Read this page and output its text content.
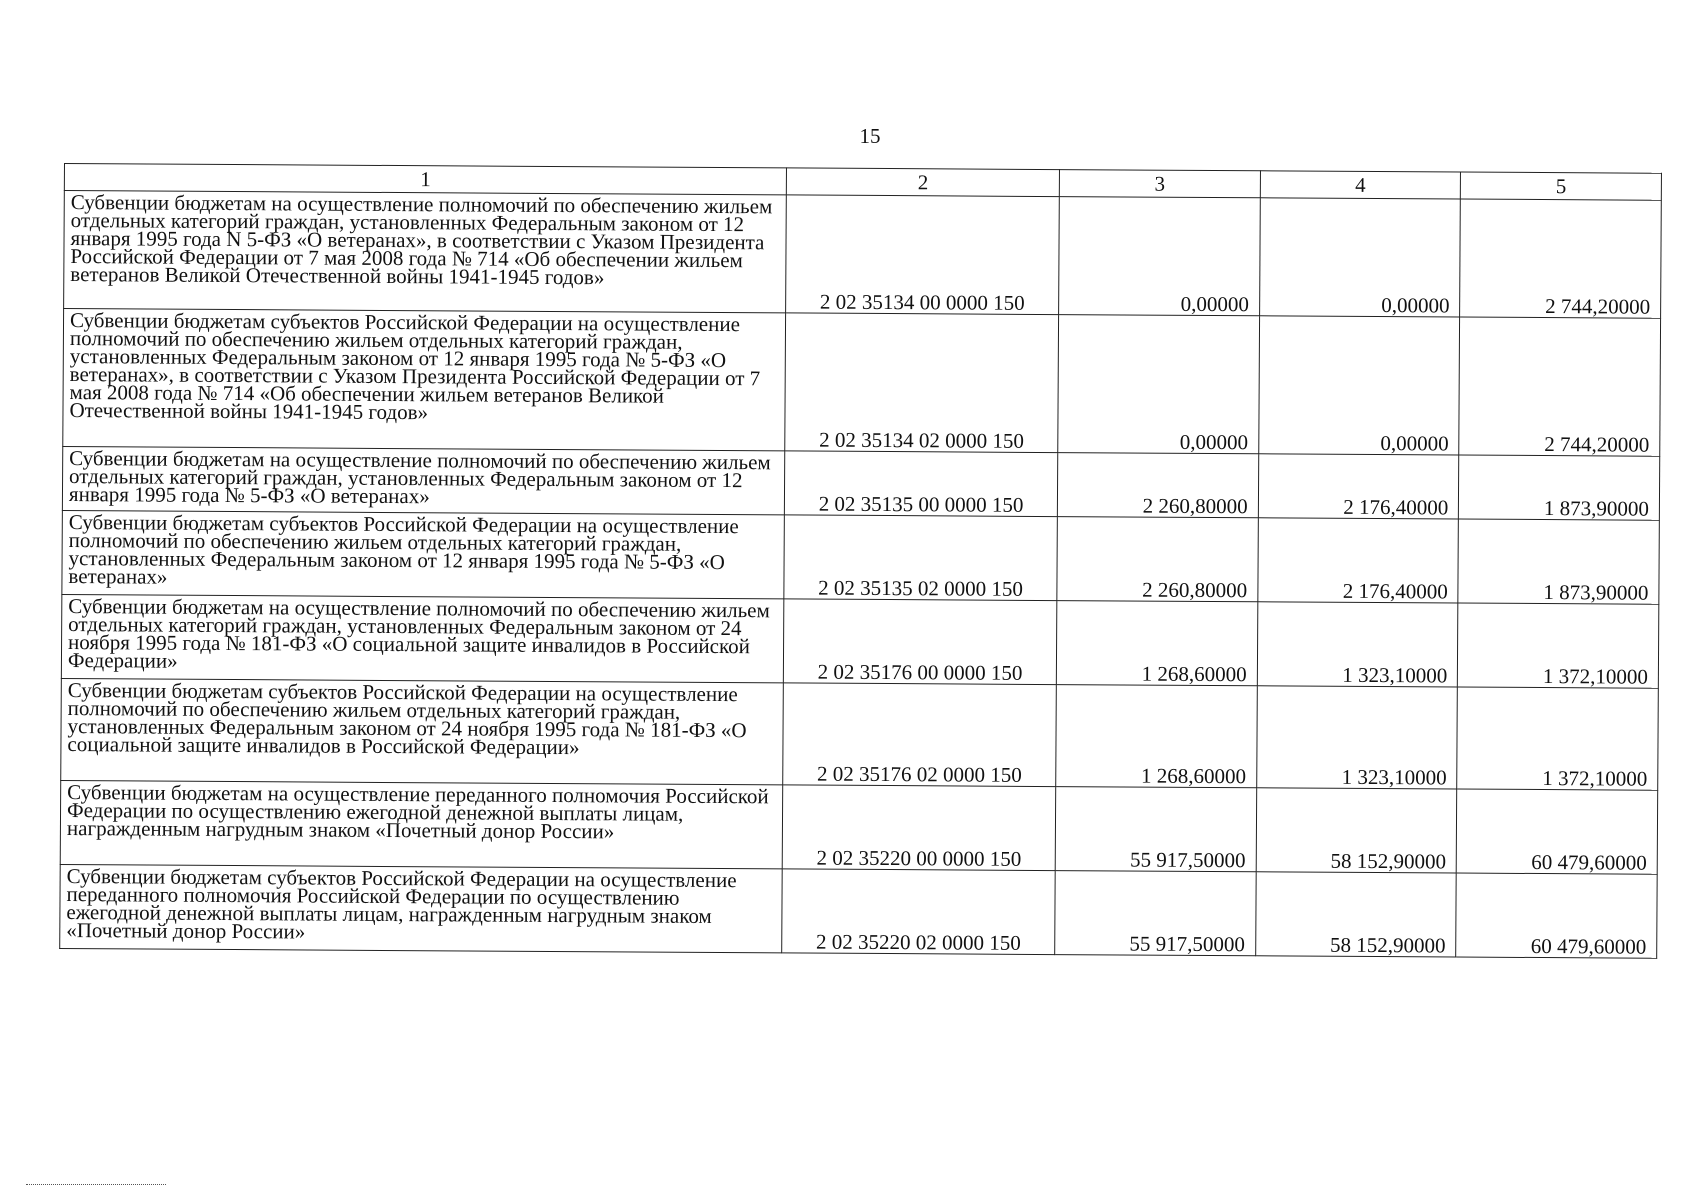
15
1	2	3	4	5
Субвенции бюджетам на осуществление полномочий по обеспечению жильем отдельных категорий граждан, установленных Федеральным законом от 12 января 1995 года N 5-ФЗ «О ветеранах», в соответствии с Указом Президента Российской Федерации от 7 мая 2008 года № 714 «Об обеспечении жильем ветеранов Великой Отечественной войны 1941-1945 годов»	2 02 35134 00 0000 150	0,00000	0,00000	2 744,20000
Субвенции бюджетам субъектов Российской Федерации на осуществление полномочий по обеспечению жильем отдельных категорий граждан, установленных Федеральным законом от 12 января 1995 года № 5-ФЗ «О ветеранах», в соответствии с Указом Президента Российской Федерации от 7 мая 2008 года № 714 «Об обеспечении жильем ветеранов Великой Отечественной войны 1941-1945 годов»	2 02 35134 02 0000 150	0,00000	0,00000	2 744,20000
Субвенции бюджетам на осуществление полномочий по обеспечению жильем отдельных категорий граждан, установленных Федеральным законом от 12 января 1995 года № 5-ФЗ «О ветеранах»	2 02 35135 00 0000 150	2 260,80000	2 176,40000	1 873,90000
Субвенции бюджетам субъектов Российской Федерации на осуществление полномочий по обеспечению жильем отдельных категорий граждан, установленных Федеральным законом от 12 января 1995 года № 5-ФЗ «О ветеранах»	2 02 35135 02 0000 150	2 260,80000	2 176,40000	1 873,90000
Субвенции бюджетам на осуществление полномочий по обеспечению жильем отдельных категорий граждан, установленных Федеральным законом от 24 ноября 1995 года № 181-ФЗ «О социальной защите инвалидов в Российской Федерации»	2 02 35176 00 0000 150	1 268,60000	1 323,10000	1 372,10000
Субвенции бюджетам субъектов Российской Федерации на осуществление полномочий по обеспечению жильем отдельных категорий граждан, установленных Федеральным законом от 24 ноября 1995 года № 181-ФЗ «О социальной защите инвалидов в Российской Федерации»	2 02 35176 02 0000 150	1 268,60000	1 323,10000	1 372,10000
Субвенции бюджетам на осуществление переданного полномочия Российской Федерации по осуществлению ежегодной денежной выплаты лицам, награжденным нагрудным знаком «Почетный донор России»	2 02 35220 00 0000 150	55 917,50000	58 152,90000	60 479,60000
Субвенции бюджетам субъектов Российской Федерации на осуществление переданного полномочия Российской Федерации по осуществлению ежегодной денежной выплаты лицам, награжденным нагрудным знаком «Почетный донор России»	2 02 35220 02 0000 150	55 917,50000	58 152,90000	60 479,60000
